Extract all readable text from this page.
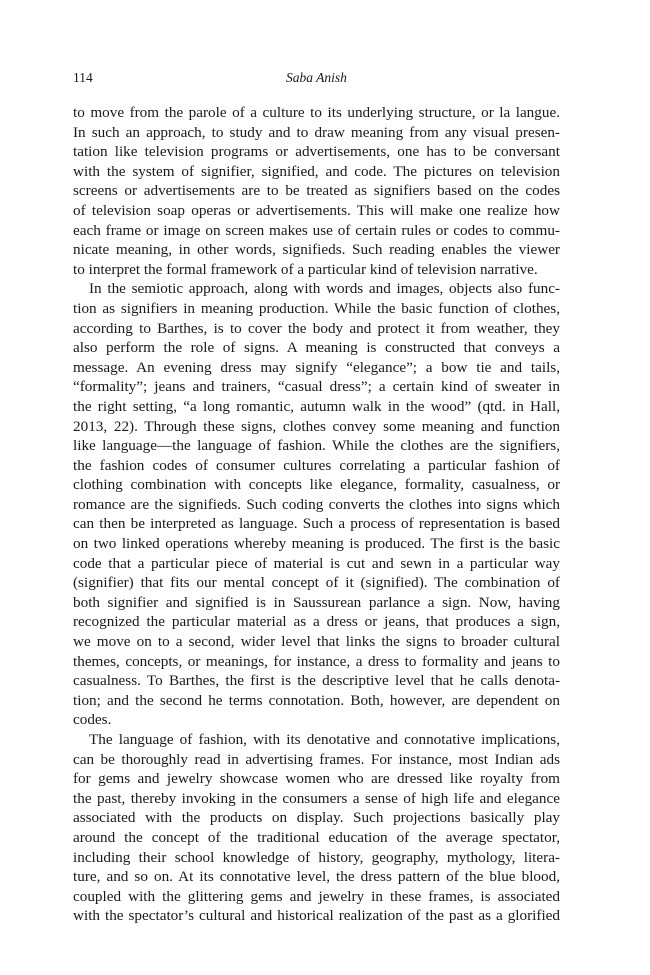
114	Saba Anish
to move from the parole of a culture to its underlying structure, or la langue.
In such an approach, to study and to draw meaning from any visual presen-
tation like television programs or advertisements, one has to be conversant
with the system of signifier, signified, and code. The pictures on television
screens or advertisements are to be treated as signifiers based on the codes
of television soap operas or advertisements. This will make one realize how
each frame or image on screen makes use of certain rules or codes to commu-
nicate meaning, in other words, signifieds. Such reading enables the viewer
to interpret the formal framework of a particular kind of television narrative.
In the semiotic approach, along with words and images, objects also func-
tion as signifiers in meaning production. While the basic function of clothes,
according to Barthes, is to cover the body and protect it from weather, they
also perform the role of signs. A meaning is constructed that conveys a
message. An evening dress may signify “elegance”; a bow tie and tails,
“formality”; jeans and trainers, “casual dress”; a certain kind of sweater in
the right setting, “a long romantic, autumn walk in the wood” (qtd. in Hall,
2013, 22). Through these signs, clothes convey some meaning and function
like language—the language of fashion. While the clothes are the signifiers,
the fashion codes of consumer cultures correlating a particular fashion of
clothing combination with concepts like elegance, formality, casualness, or
romance are the signifieds. Such coding converts the clothes into signs which
can then be interpreted as language. Such a process of representation is based
on two linked operations whereby meaning is produced. The first is the basic
code that a particular piece of material is cut and sewn in a particular way
(signifier) that fits our mental concept of it (signified). The combination of
both signifier and signified is in Saussurean parlance a sign. Now, having
recognized the particular material as a dress or jeans, that produces a sign,
we move on to a second, wider level that links the signs to broader cultural
themes, concepts, or meanings, for instance, a dress to formality and jeans to
casualness. To Barthes, the first is the descriptive level that he calls denota-
tion; and the second he terms connotation. Both, however, are dependent on
codes.
The language of fashion, with its denotative and connotative implications,
can be thoroughly read in advertising frames. For instance, most Indian ads
for gems and jewelry showcase women who are dressed like royalty from
the past, thereby invoking in the consumers a sense of high life and elegance
associated with the products on display. Such projections basically play
around the concept of the traditional education of the average spectator,
including their school knowledge of history, geography, mythology, litera-
ture, and so on. At its connotative level, the dress pattern of the blue blood,
coupled with the glittering gems and jewelry in these frames, is associated
with the spectator’s cultural and historical realization of the past as a glorified
